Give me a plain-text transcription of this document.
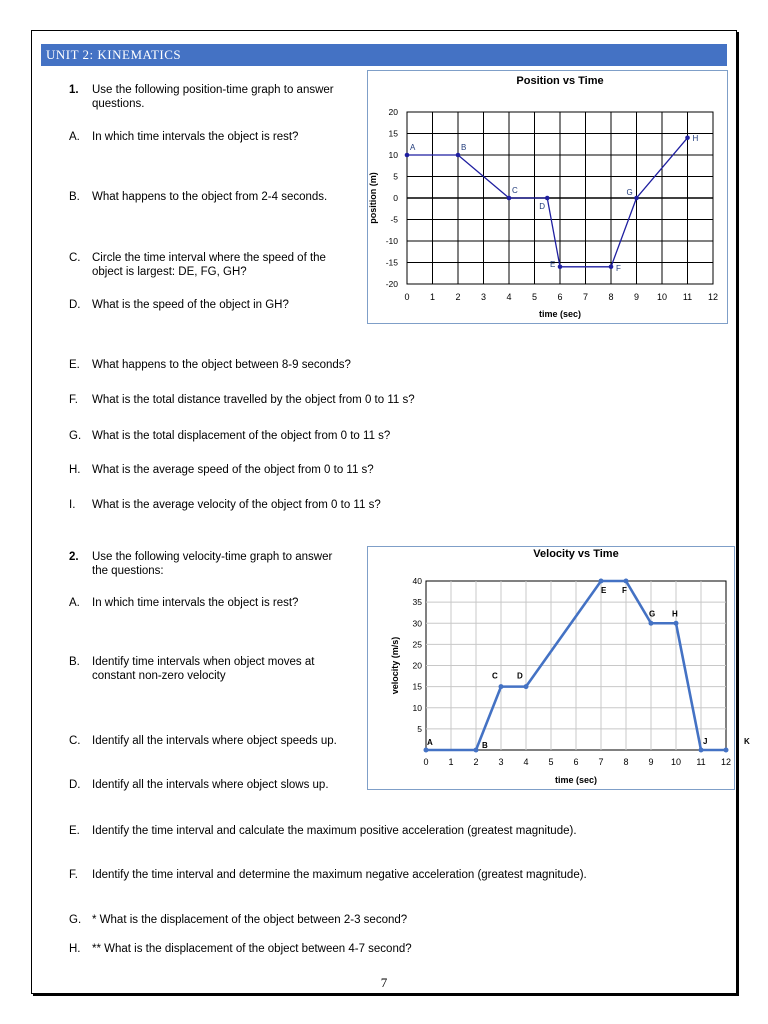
UNIT 2: KINEMATICS
1. Use the following position-time graph to answer
questions.
A. In which time intervals the object is rest?
B. What happens to the object from 2-4 seconds.
C. Circle the time interval where the speed of the
object is largest: DE, FG, GH?
D. What is the speed of the object in GH?
E. What happens to the object between 8-9 seconds?
F. What is the total distance travelled by the object from 0 to 11 s?
G. What is the total displacement of the object from 0 to 11 s?
H. What is the average speed of the object from 0 to 11 s?
I. What is the average velocity of the object from 0 to 11 s?
2. Use the following velocity-time graph to answer
the questions:
A. In which time intervals the object is rest?
B. Identify time intervals when object moves at
constant non-zero velocity
C. Identify all the intervals where object speeds up.
D. Identify all the intervals where object slows up.
E. Identify the time interval and calculate the maximum positive acceleration (greatest magnitude).
F. Identify the time interval and determine the maximum negative acceleration (greatest magnitude).
G. * What is the displacement of the object between 2-3 second?
H. ** What is the displacement of the object between 4-7 second?
Position vs Time
0 1 2 3 4 5 6 7 8 9 10 11 12
20
15
10
5
0
-5
-10
-15
-20
time (sec)
position (m)
A	B
C
D
E	F
G
H
Velocity vs Time
0 1 2 3 4 5 6 7 8 9 10 11 12
40
35
30
25
20
15
10
5
time (sec)
velocity (m/s)
A	B
C D
E F
G H
J	K
7
